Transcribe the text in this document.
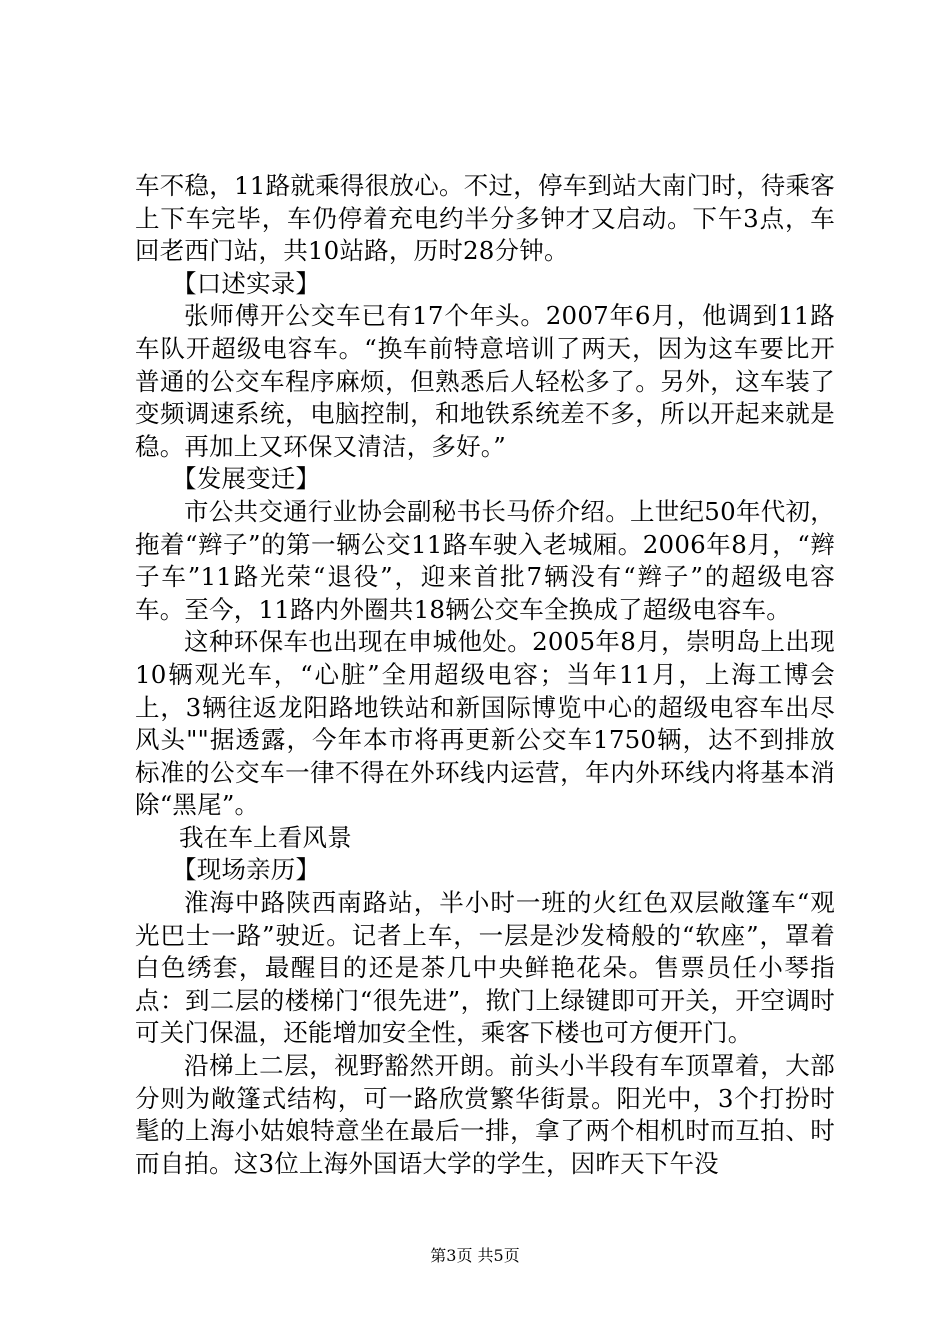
车不稳，11路就乘得很放心。不过，停车到站大南门时，待乘客上下车完毕，车仍停着充电约半分多钟才又启动。下午3点，车回老西门站，共10站路，历时28分钟。

【口述实录】

张师傅开公交车已有17个年头。2007年6月，他调到11路车队开超级电容车。“换车前特意培训了两天，因为这车要比开普通的公交车程序麻烦，但熟悉后人轻松多了。另外，这车装了变频调速系统，电脑控制，和地铁系统差不多，所以开起来就是稳。再加上又环保又清洁，多好。”

【发展变迁】

市公共交通行业协会副秘书长马侨介绍。上世纪50年代初，拖着“辫子”的第一辆公交11路车驶入老城厢。2006年8月，“辫子车”11路光荣“退役”，迎来首批7辆没有“辫子”的超级电容车。至今，11路内外圈共18辆公交车全换成了超级电容车。

这种环保车也出现在申城他处。2005年8月，崇明岛上出现10辆观光车，“心脏”全用超级电容；当年11月，上海工博会上，3辆往返龙阳路地铁站和新国际博览中心的超级电容车出尽风头""据透露，今年本市将再更新公交车1750辆，达不到排放标准的公交车一律不得在外环线内运营，年内外环线内将基本消除“黑尾”。

我在车上看风景

【现场亲历】

淮海中路陕西南路站，半小时一班的火红色双层敞篷车“观光巴士一路”驶近。记者上车，一层是沙发椅般的“软座”，罩着白色绣套，最醒目的还是茶几中央鲜艳花朵。售票员任小琴指点：到二层的楼梯门“很先进”，揿门上绿键即可开关，开空调时可关门保温，还能增加安全性，乘客下楼也可方便开门。

沿梯上二层，视野豁然开朗。前头小半段有车顶罩着，大部分则为敞篷式结构，可一路欣赏繁华街景。阳光中，3个打扮时髦的上海小姑娘特意坐在最后一排，拿了两个相机时而互拍、时而自拍。这3位上海外国语大学的学生，因昨天下午没

第3页 共5页
